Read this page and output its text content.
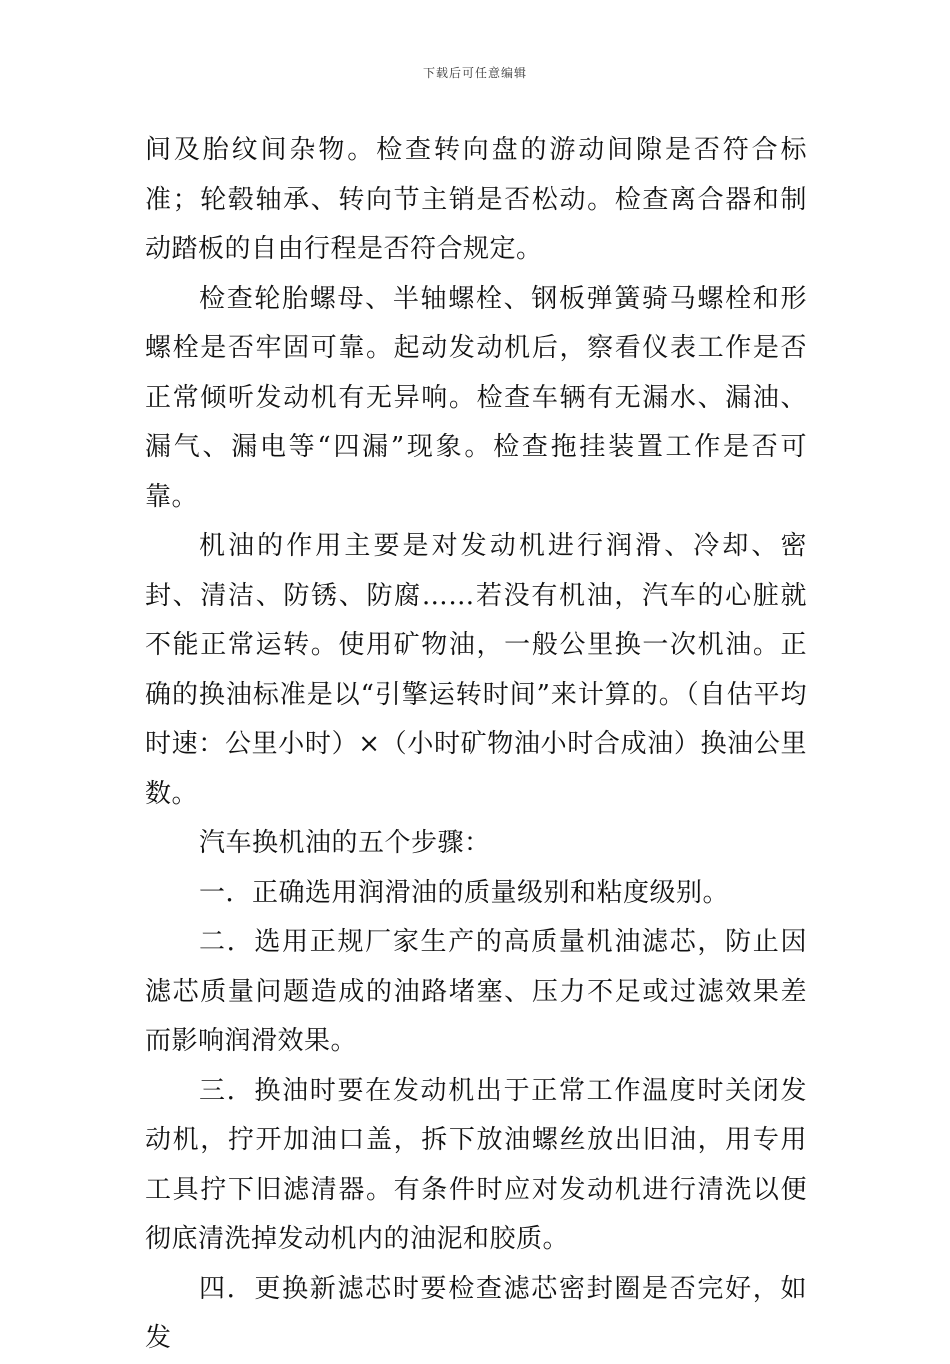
下载后可任意编辑

间及胎纹间杂物。检查转向盘的游动间隙是否符合标准；轮毂轴承、转向节主销是否松动。检查离合器和制动踏板的自由行程是否符合规定。

检查轮胎螺母、半轴螺栓、钢板弹簧骑马螺栓和形螺栓是否牢固可靠。起动发动机后，察看仪表工作是否正常倾听发动机有无异响。检查车辆有无漏水、漏油、漏气、漏电等“四漏”现象。检查拖挂装置工作是否可靠。

机油的作用主要是对发动机进行润滑、冷却、密封、清洁、防锈、防腐……若没有机油，汽车的心脏就不能正常运转。使用矿物油，一般公里换一次机油。正确的换油标准是以“引擎运转时间”来计算的。（自估平均时速：公里小时）×（小时矿物油小时合成油）换油公里数。

汽车换机油的五个步骤：

一．正确选用润滑油的质量级别和粘度级别。

二．选用正规厂家生产的高质量机油滤芯，防止因滤芯质量问题造成的油路堵塞、压力不足或过滤效果差而影响润滑效果。

三．换油时要在发动机出于正常工作温度时关闭发动机，拧开加油口盖，拆下放油螺丝放出旧油，用专用工具拧下旧滤清器。有条件时应对发动机进行清洗以便彻底清洗掉发动机内的油泥和胶质。

四．更换新滤芯时要检查滤芯密封圈是否完好，如发
